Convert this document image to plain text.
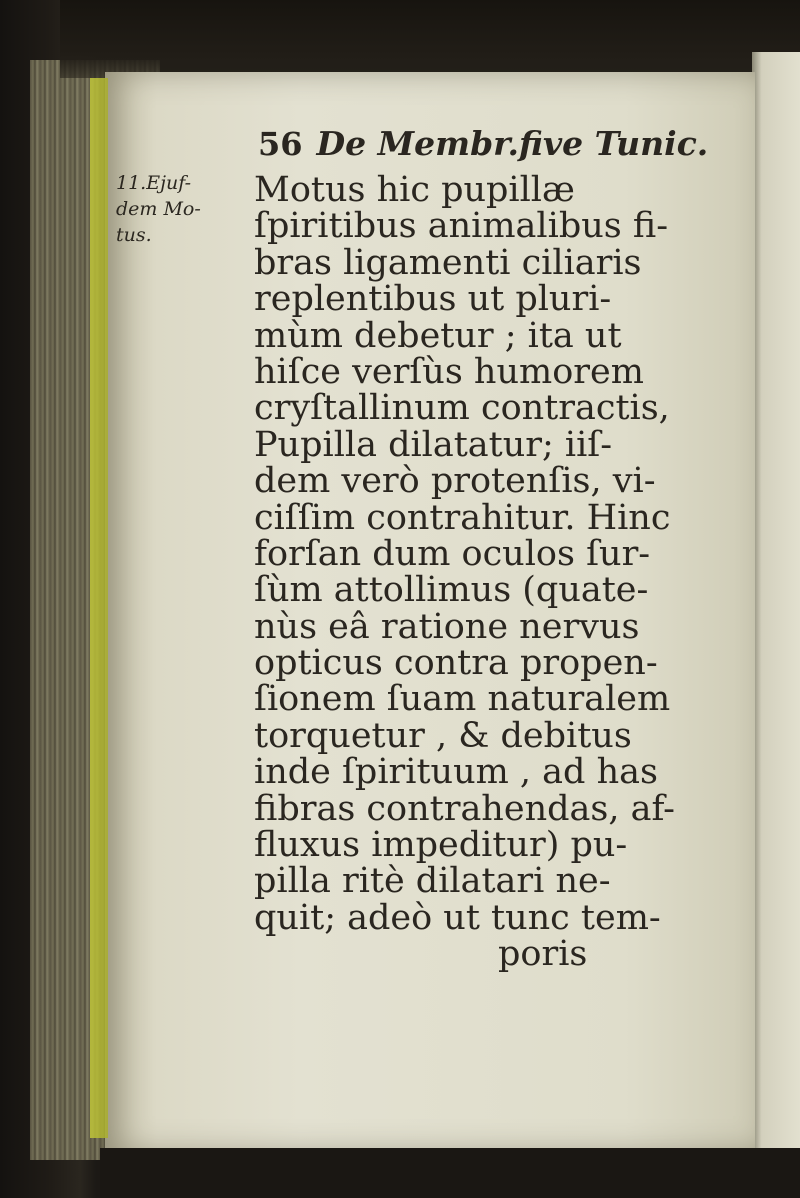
56 De Membr.five Tunic.
11.Ejuf-
dem Mo-
tus.
Motus hic pupillæ
ſpiritibus animalibus fi-
bras ligamenti ciliaris
replentibus ut pluri-
mùm debetur ; ita ut
hiſce verſùs humorem
cryſtallinum contractis,
Pupilla dilatatur; iiſ-
dem verò protenſis, vi-
ciſſim contrahitur. Hinc
forſan dum oculos ſur-
ſùm attollimus (quate-
nùs eâ ratione nervus
opticus contra propen-
ſionem ſuam naturalem
torquetur , & debitus
inde ſpirituum , ad has
fibras contrahendas, af-
fluxus impeditur) pu-
pilla ritè dilatari ne-
quit; adeò ut tunc tem-
poris
